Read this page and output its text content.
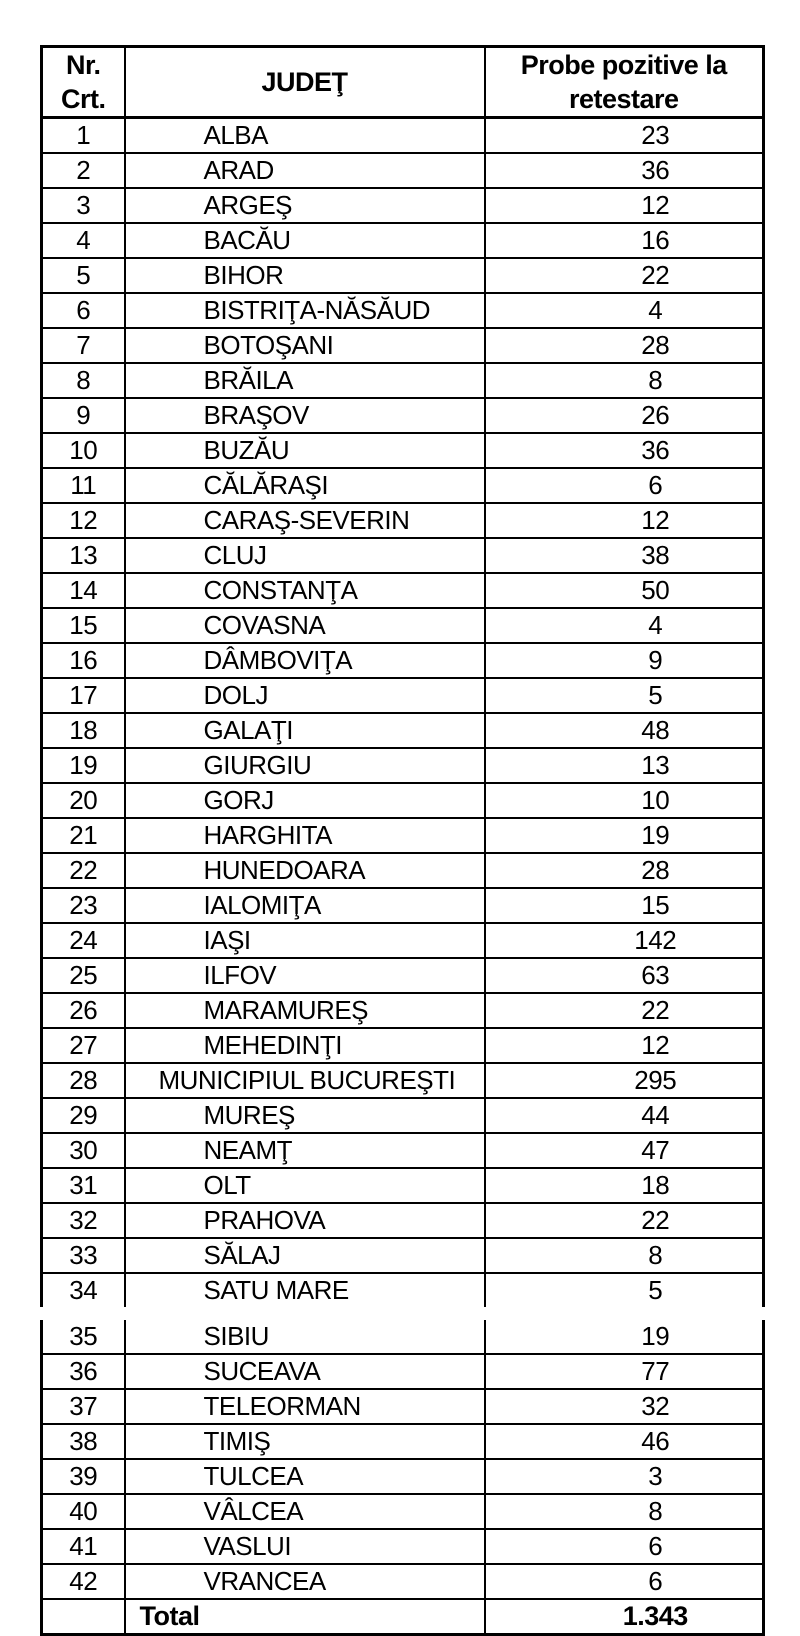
Nr. Crt.	JUDEŢ	Probe pozitive la retestare
1	ALBA	23
2	ARAD	36
3	ARGEŞ	12
4	BACĂU	16
5	BIHOR	22
6	BISTRIŢA-NĂSĂUD	4
7	BOTOŞANI	28
8	BRĂILA	8
9	BRAŞOV	26
10	BUZĂU	36
11	CĂLĂRAŞI	6
12	CARAŞ-SEVERIN	12
13	CLUJ	38
14	CONSTANŢA	50
15	COVASNA	4
16	DÂMBOVIŢA	9
17	DOLJ	5
18	GALAŢI	48
19	GIURGIU	13
20	GORJ	10
21	HARGHITA	19
22	HUNEDOARA	28
23	IALOMIŢA	15
24	IAŞI	142
25	ILFOV	63
26	MARAMUREŞ	22
27	MEHEDINŢI	12
28	MUNICIPIUL BUCUREŞTI	295
29	MUREŞ	44
30	NEAMŢ	47
31	OLT	18
32	PRAHOVA	22
33	SĂLAJ	8
34	SATU MARE	5
35	SIBIU	19
36	SUCEAVA	77
37	TELEORMAN	32
38	TIMIŞ	46
39	TULCEA	3
40	VÂLCEA	8
41	VASLUI	6
42	VRANCEA	6
	Total	1.343
